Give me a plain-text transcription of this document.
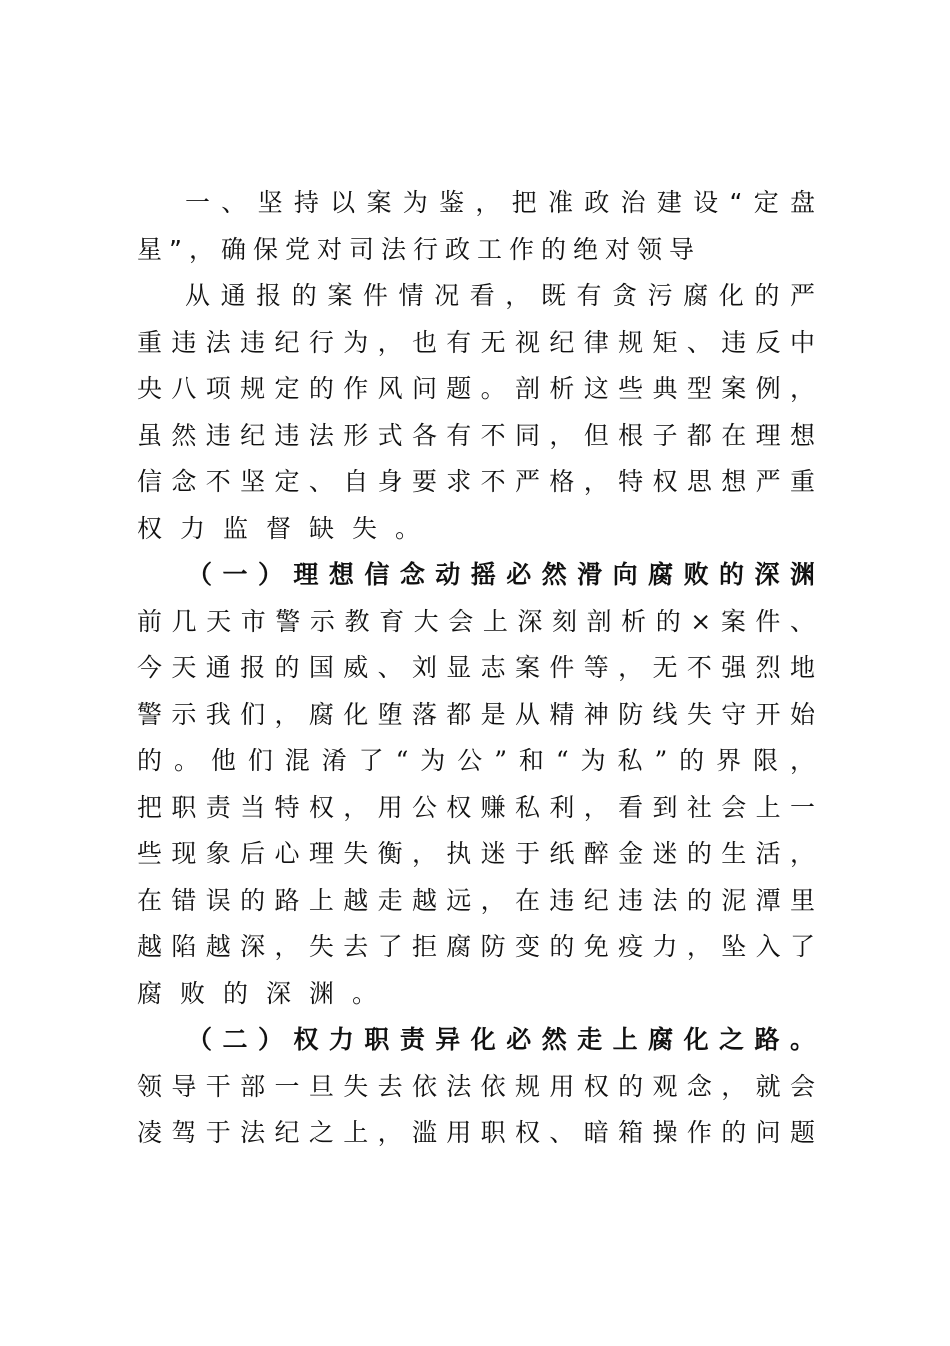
一、坚持以案为鉴，把准政治建设“定盘
星”，确保党对司法行政工作的绝对领导
从通报的案件情况看，既有贪污腐化的严
重违法违纪行为，也有无视纪律规矩、违反中
央八项规定的作风问题。剖析这些典型案例，
虽然违纪违法形式各有不同，但根子都在理想
信念不坚定、自身要求不严格，特权思想严重
权力监督缺失。
（一）理想信念动摇必然滑向腐败的深渊
前几天市警示教育大会上深刻剖析的×案件、
今天通报的国威、刘显志案件等，无不强烈地
警示我们，腐化堕落都是从精神防线失守开始
的。他们混淆了“为公”和“为私”的界限，
把职责当特权，用公权赚私利，看到社会上一
些现象后心理失衡，执迷于纸醉金迷的生活，
在错误的路上越走越远，在违纪违法的泥潭里
越陷越深，失去了拒腐防变的免疫力，坠入了
腐败的深渊。
（二）权力职责异化必然走上腐化之路。
领导干部一旦失去依法依规用权的观念，就会
凌驾于法纪之上，滥用职权、暗箱操作的问题
